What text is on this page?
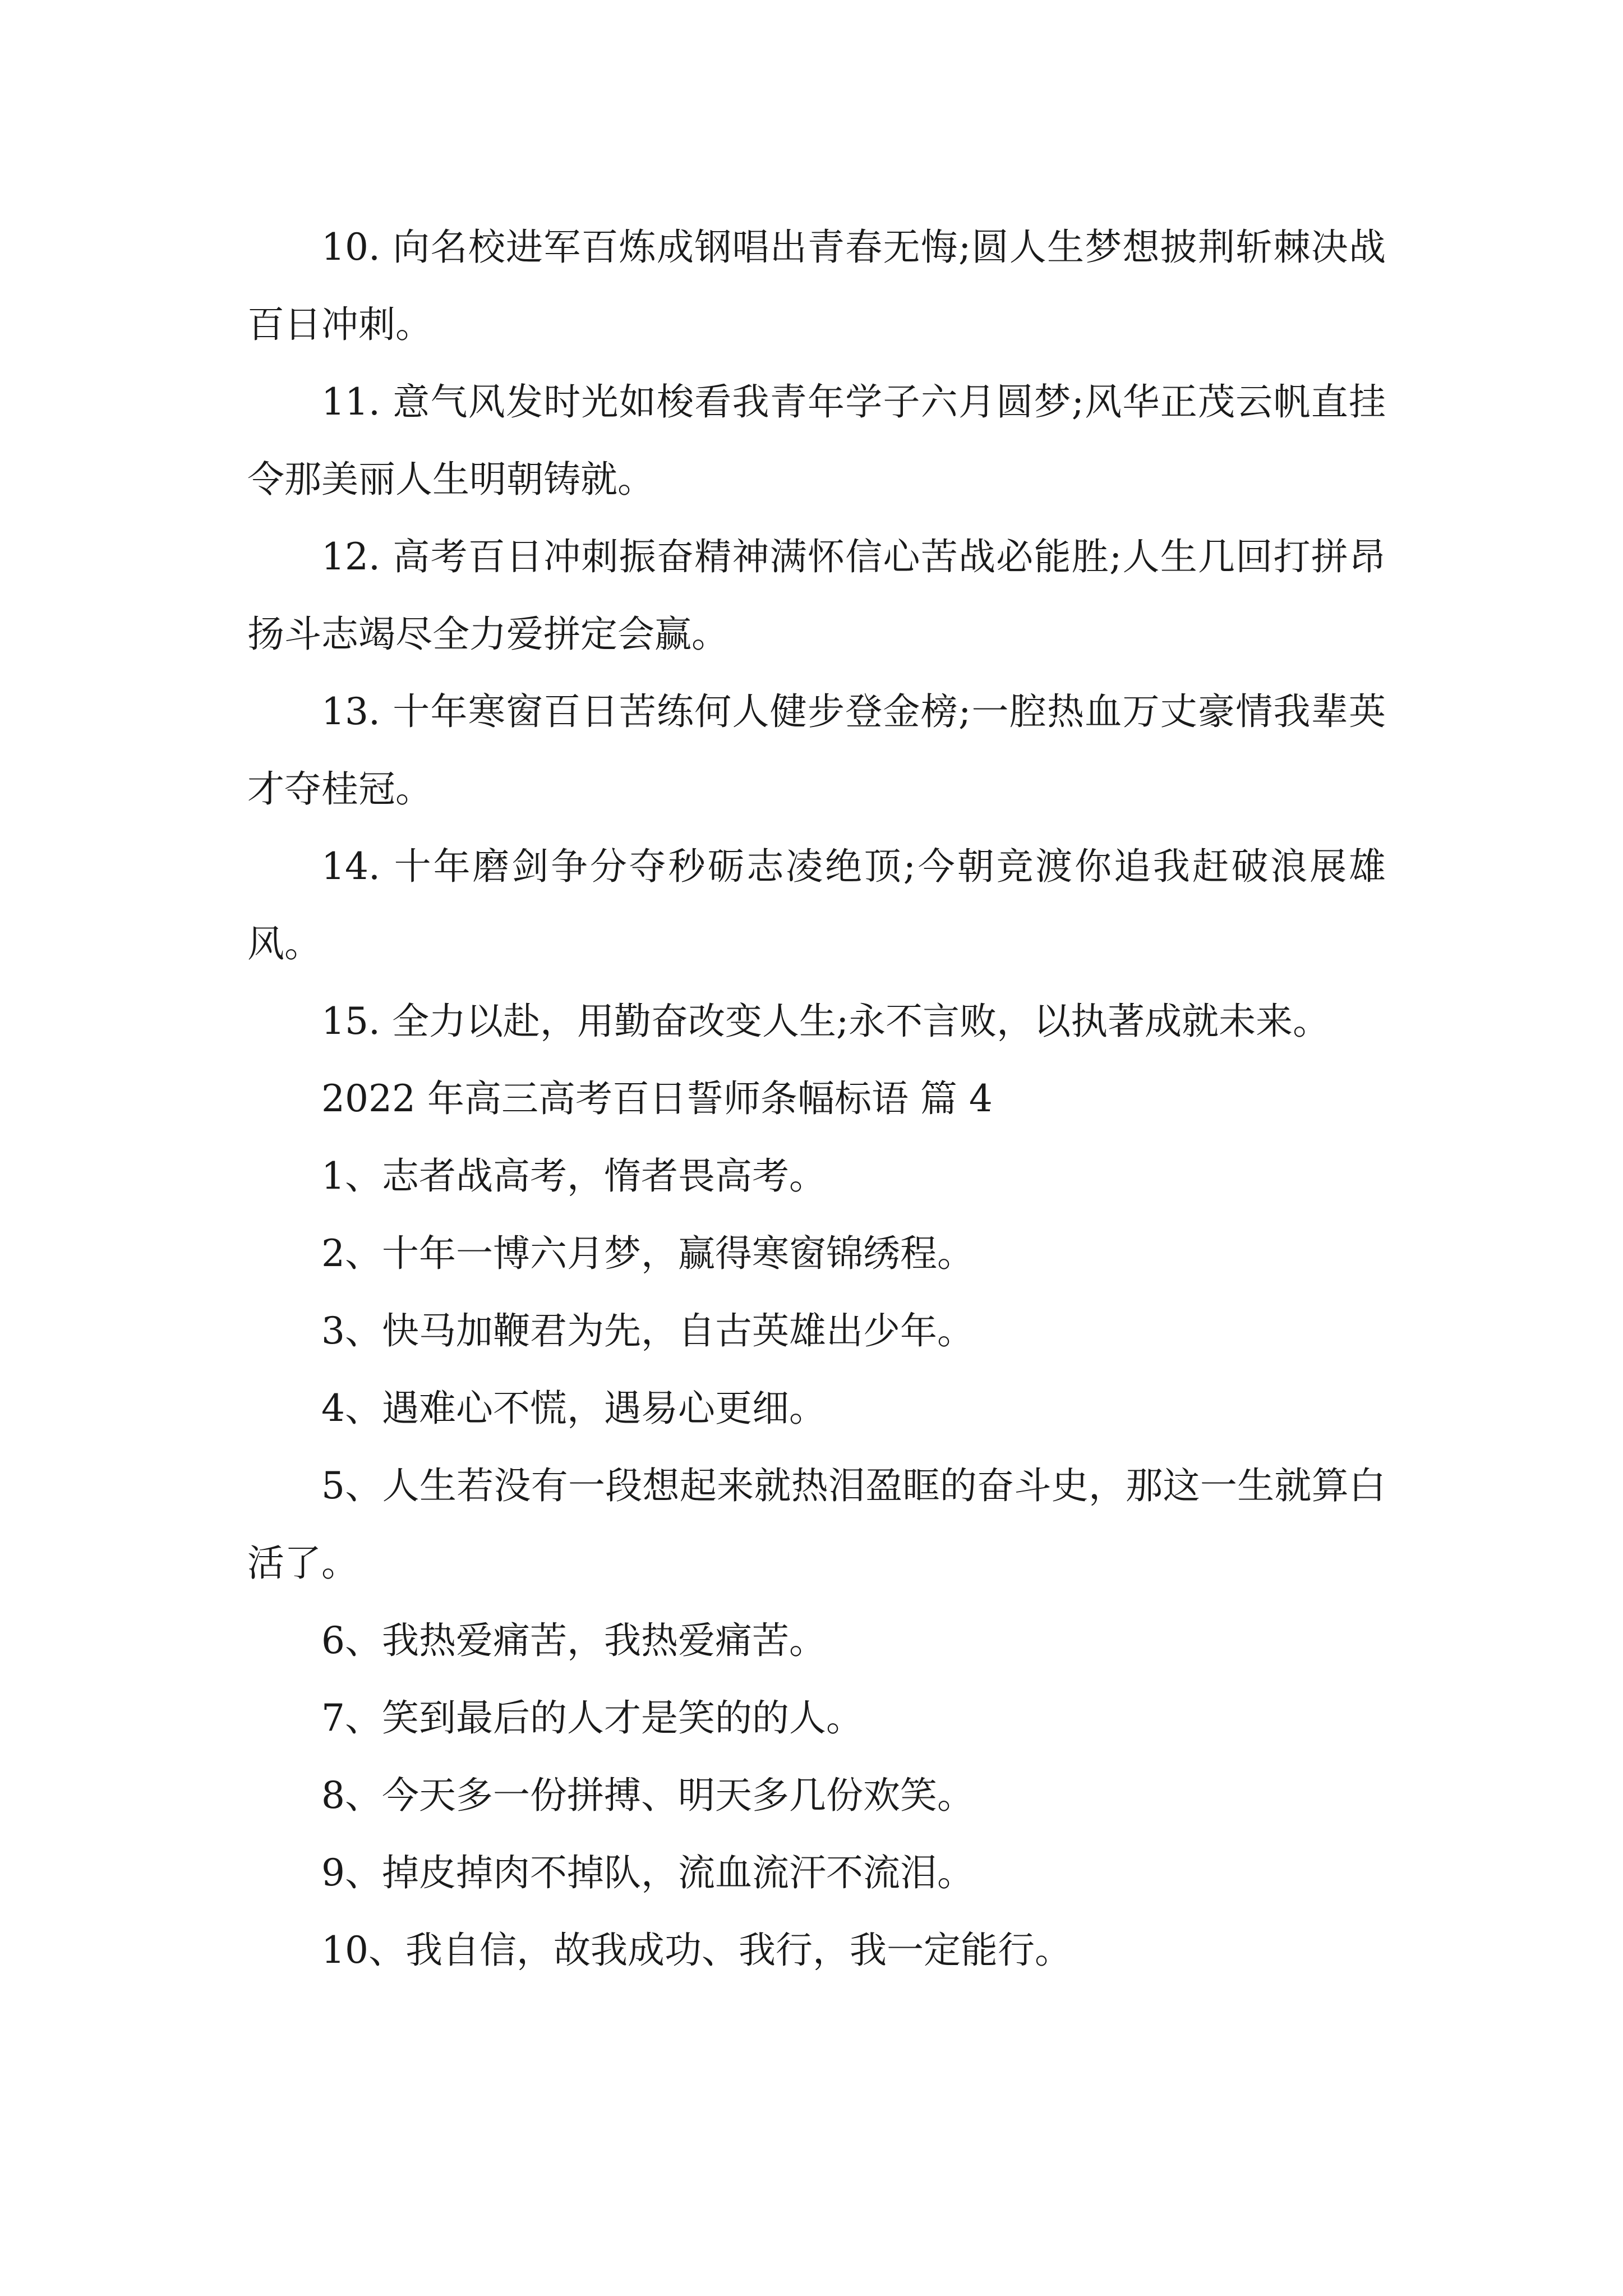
10. 向名校进军百炼成钢唱出青春无悔;圆人生梦想披荆斩棘决战百日冲刺。

11. 意气风发时光如梭看我青年学子六月圆梦;风华正茂云帆直挂令那美丽人生明朝铸就。

12. 高考百日冲刺振奋精神满怀信心苦战必能胜;人生几回打拼昂扬斗志竭尽全力爱拼定会赢。

13. 十年寒窗百日苦练何人健步登金榜;一腔热血万丈豪情我辈英才夺桂冠。

14. 十年磨剑争分夺秒砺志凌绝顶;今朝竞渡你追我赶破浪展雄风。

15. 全力以赴，用勤奋改变人生;永不言败，以执著成就未来。

2022 年高三高考百日誓师条幅标语 篇 4

1、志者战高考，惰者畏高考。

2、十年一博六月梦，赢得寒窗锦绣程。

3、快马加鞭君为先，自古英雄出少年。

4、遇难心不慌，遇易心更细。

5、人生若没有一段想起来就热泪盈眶的奋斗史，那这一生就算白活了。

6、我热爱痛苦，我热爱痛苦。

7、笑到最后的人才是笑的的人。

8、今天多一份拼搏、明天多几份欢笑。

9、掉皮掉肉不掉队，流血流汗不流泪。

10、我自信，故我成功、我行，我一定能行。
